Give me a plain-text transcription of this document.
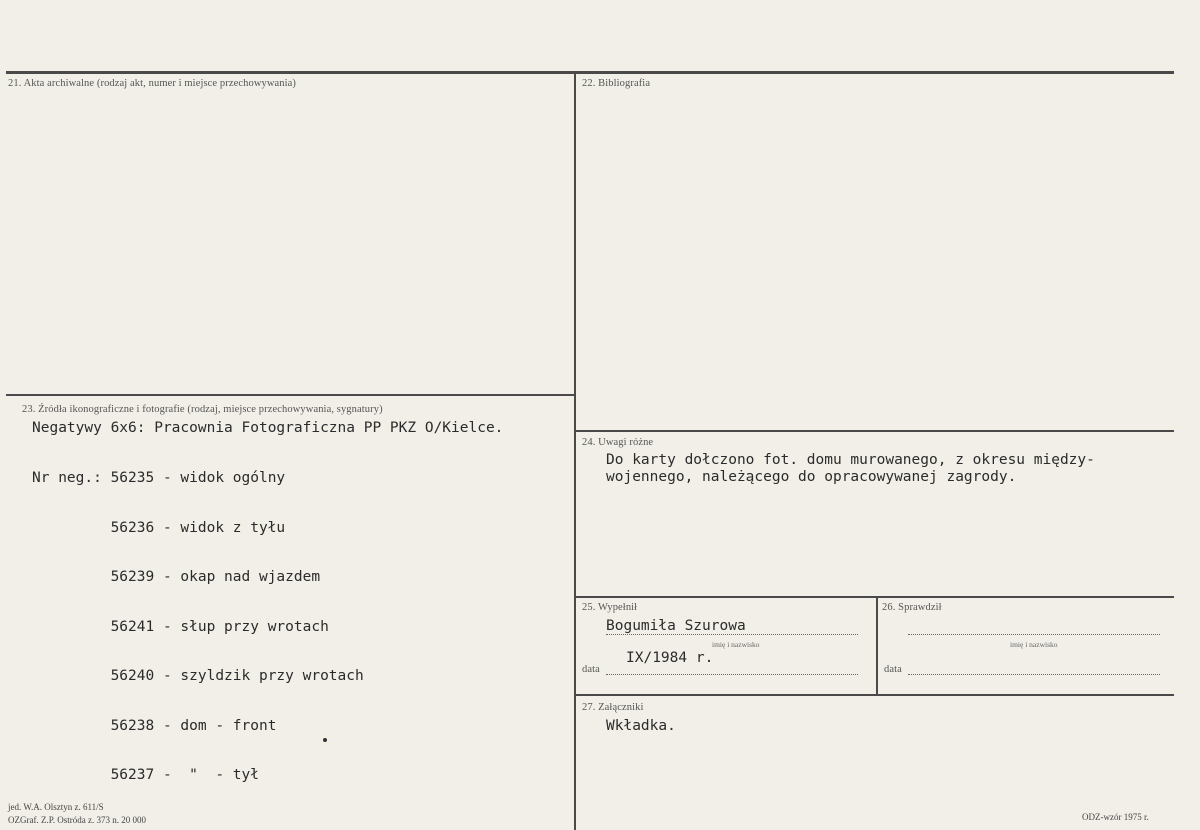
21. Akta archiwalne (rodzaj akt, numer i miejsce przechowywania)	22. Bibliografia
23. Źródła ikonograficzne i fotografie (rodzaj, miejsce przechowywania, sygnatury)
Negatywy 6x6: Pracownia Fotograficzna PP PKZ O/Kielce.

Nr neg.: 56235 - widok ogólny

56236 - widok z tyłu

56239 - okap nad wjazdem

56241 - słup przy wrotach

56240 - szyldzik przy wrotach

56238 - dom - front

56237 -  "  - tył

24. Uwagi różne
Do karty dołczono fot. domu murowanego, z okresu między-
wojennego, należącego do opracowywanej zagrody.
25. Wypełnił
Bogumiła Szurowa
imię i nazwisko
data
IX/1984 r.
26. Sprawdził
imię i nazwisko
data
27. Załączniki
Wkładka.
jed. W.A. Olsztyn z. 611/S
OZGraf. Z.P. Ostróda z. 373 n. 20 000	ODZ-wzór 1975 r.
